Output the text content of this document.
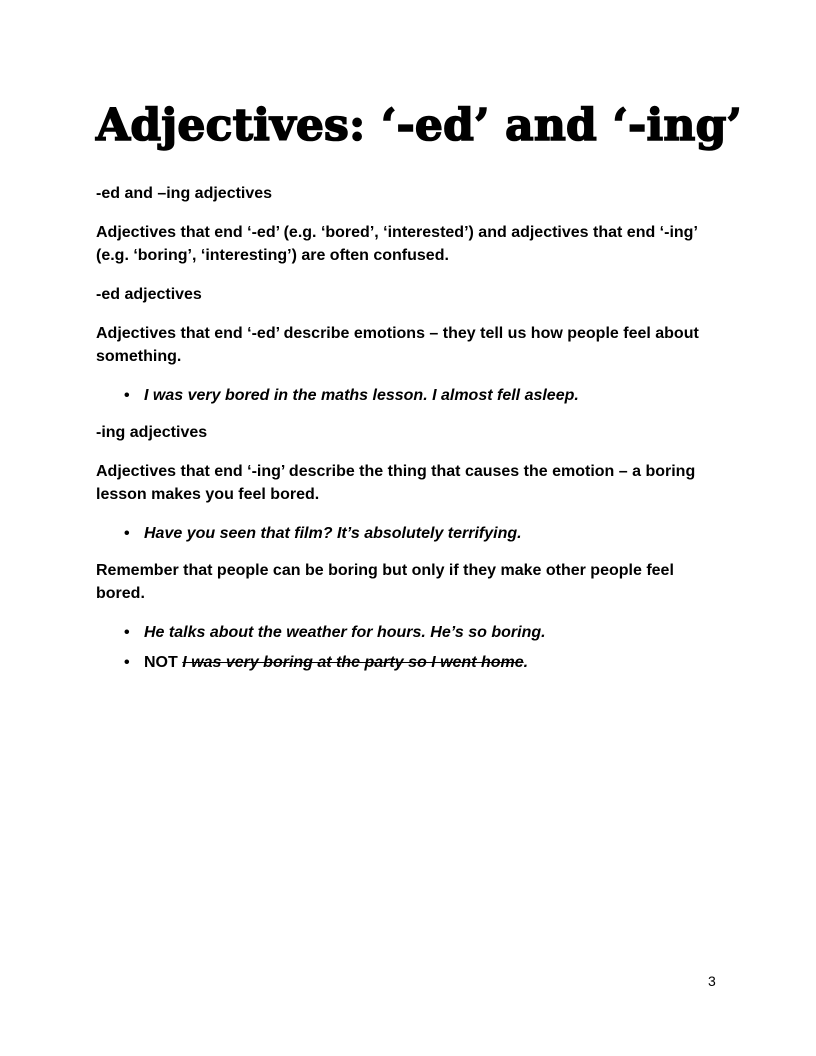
Adjectives: ‘-ed’ and ‘-ing’

-ed and –ing adjectives

Adjectives that end ‘-ed’ (e.g. ‘bored’, ‘interested’) and adjectives that end ‘-ing’ (e.g. ‘boring’, ‘interesting’) are often confused.

-ed adjectives

Adjectives that end ‘-ed’ describe emotions – they tell us how people feel about something.

• I was very bored in the maths lesson. I almost fell asleep.

-ing adjectives

Adjectives that end ‘-ing’ describe the thing that causes the emotion – a boring lesson makes you feel bored.

• Have you seen that film? It’s absolutely terrifying.

Remember that people can be boring but only if they make other people feel bored.

• He talks about the weather for hours. He’s so boring.
• NOT I was very boring at the party so I went home.
3
